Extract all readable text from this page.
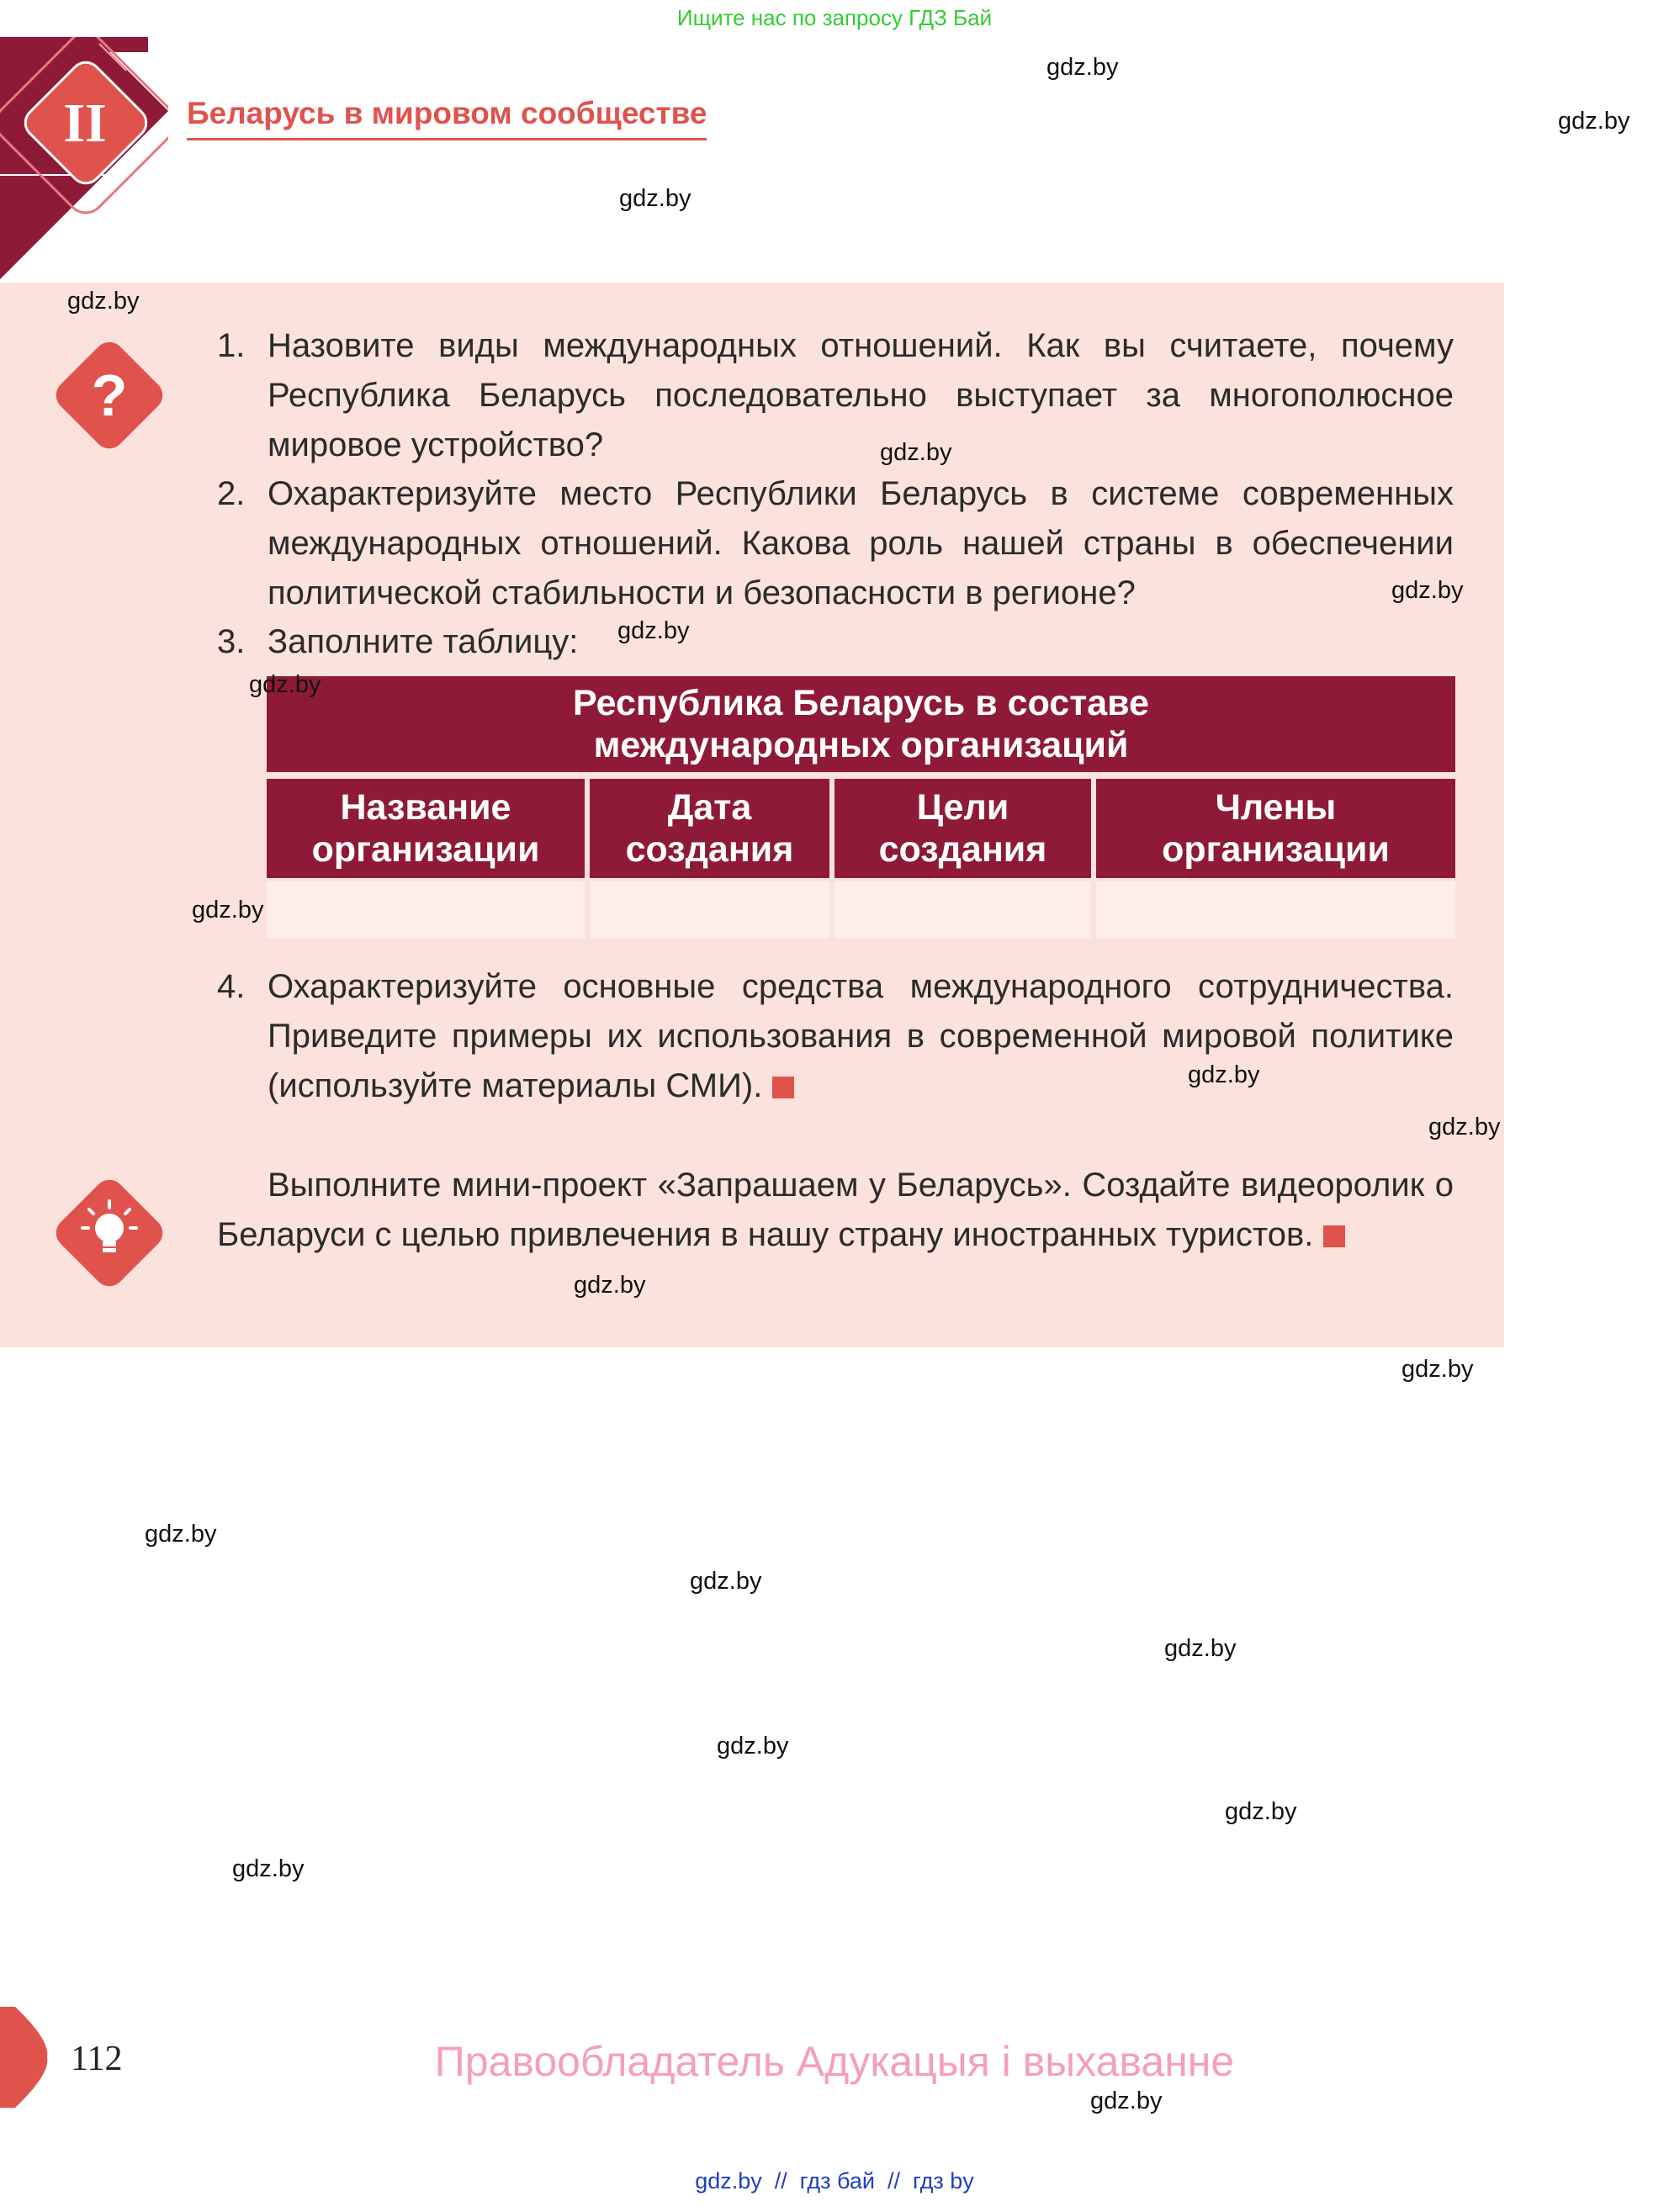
Ищите нас по запросу ГДЗ Бай
II	Беларусь в мировом сообществе
?
1. Назовите виды международных отношений. Как вы считаете, почему Республика Беларусь последовательно выступает за многополюсное мировое устройство?
2. Охарактеризуйте место Республики Беларусь в системе современных международных отношений. Какова роль нашей страны в обеспечении политической стабильности и безопасности в регионе?
3. Заполните таблицу:
Республика Беларусь в составе
международных организаций
Название
организации
Дата
создания
Цели
создания
Члены
организации
4. Охарактеризуйте основные средства международного сотрудничества. Приведите примеры их использования в современной мировой политике (используйте материалы СМИ).
Выполните мини-проект «Запрашаем у Беларусь». Создайте видеоролик о Беларуси с целью привлечения в нашу страну иностранных туристов.
gdz.by
gdz.by
gdz.by
gdz.by
gdz.by
gdz.by
gdz.by
gdz.by
gdz.by
gdz.by
gdz.by
gdz.by
gdz.by
gdz.by
gdz.by
gdz.by
gdz.by
gdz.by
gdz.by
gdz.by
112	Правообладатель Адукацыя і выхаванне
gdz.by  //  гдз бай  //  гдз by
